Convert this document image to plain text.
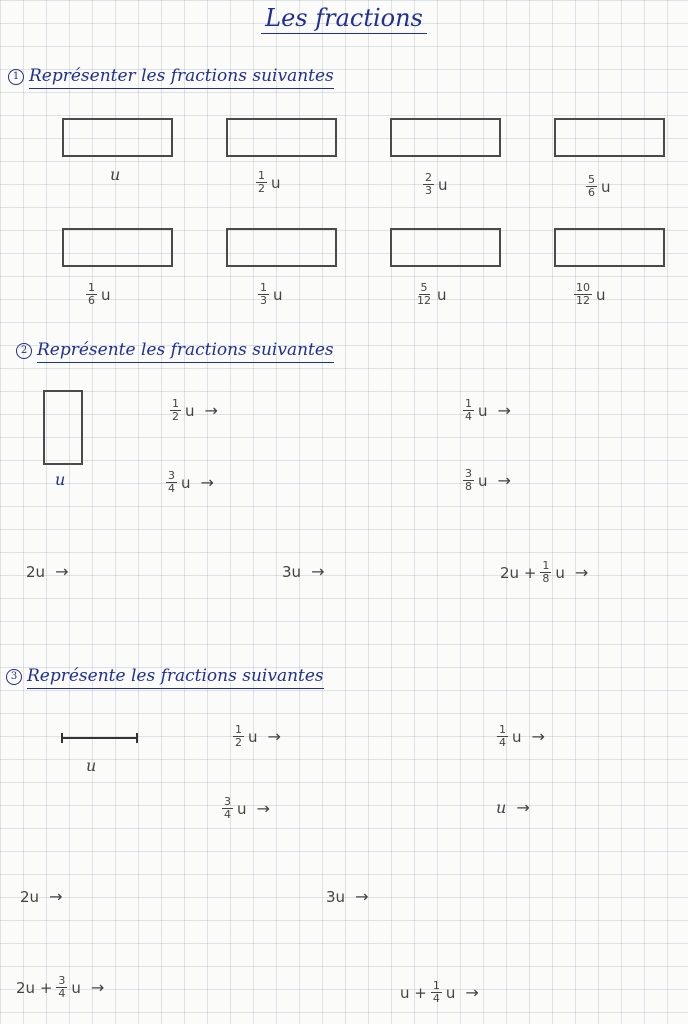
Les fractions
1 Représenter les fractions suivantes
u	$\frac{1}{2}$ u	$\frac{2}{3}$ u	$\frac{5}{6}$ u
$\frac{1}{6}$ u	$\frac{1}{3}$ u	$\frac{5}{12}$ u	$\frac{10}{12}$ u
2 Représente les fractions suivantes
u
$\frac{1}{2}$ u →	$\frac{1}{4}$ u →
$\frac{3}{4}$ u →	$\frac{3}{8}$ u →
2u →	3u →	$2u + \frac{1}{8}$ u →
3 Représente les fractions suivantes
u
$\frac{1}{2}$ u →	$\frac{1}{4}$ u →
$\frac{3}{4}$ u →	u →
2u →	3u →
$2u + \frac{3}{4}$ u →	$u + \frac{1}{4}$ u →
